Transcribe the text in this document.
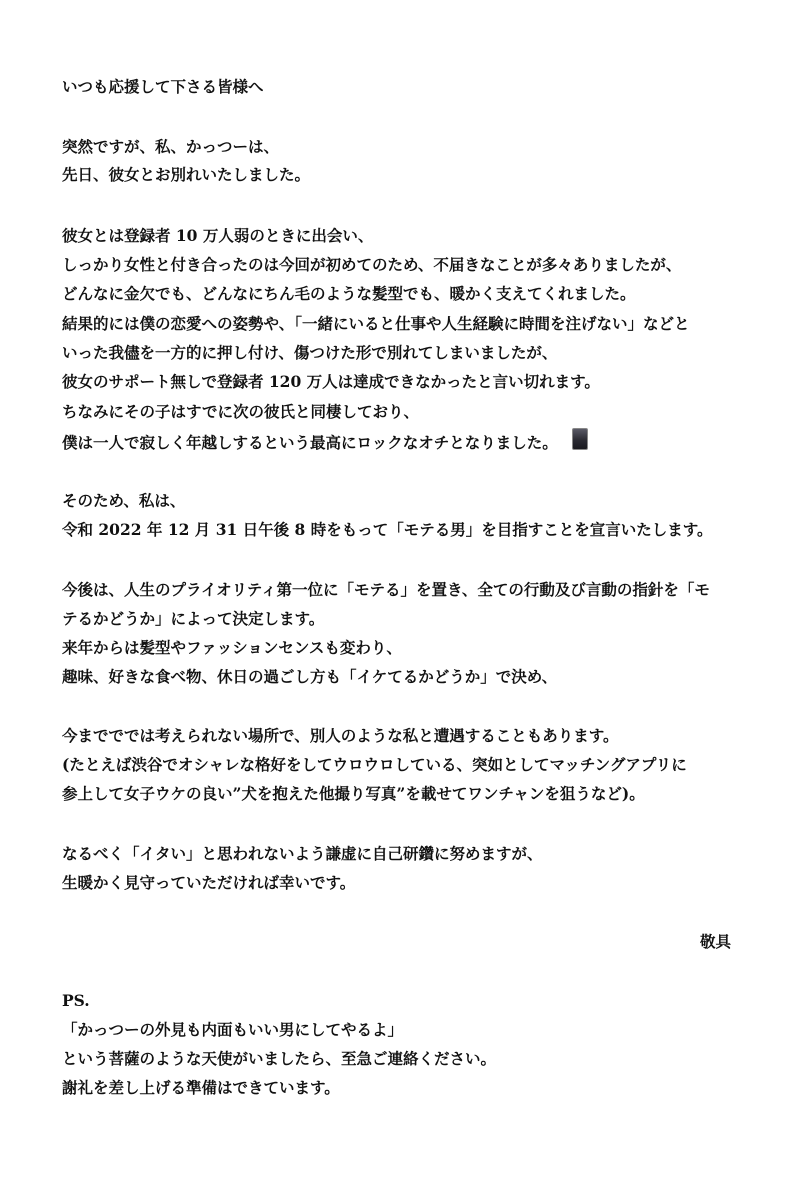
いつも応援して下さる皆様へ
突然ですが、私、かっつーは、
先日、彼女とお別れいたしました。
彼女とは登録者 10 万人弱のときに出会い、
しっかり女性と付き合ったのは今回が初めてのため、不届きなことが多々ありましたが、
どんなに金欠でも、どんなにちん毛のような髪型でも、暖かく支えてくれました。
結果的には僕の恋愛への姿勢や、「一緒にいると仕事や人生経験に時間を注げない」などと
いった我儘を一方的に押し付け、傷つけた形で別れてしまいましたが、
彼女のサポート無しで登録者 120 万人は達成できなかったと言い切れます。
ちなみにその子はすでに次の彼氏と同棲しており、
僕は一人で寂しく年越しするという最高にロックなオチとなりました。
そのため、私は、
令和 2022 年 12 月 31 日午後 8 時をもって「モテる男」を目指すことを宣言いたします。
今後は、人生のプライオリティ第一位に「モテる」を置き、全ての行動及び言動の指針を「モ
テるかどうか」によって決定します。
来年からは髪型やファッションセンスも変わり、
趣味、好きな食べ物、休日の過ごし方も「イケてるかどうか」で決め、
今までででは考えられない場所で、別人のような私と遭遇することもあります。
(たとえば渋谷でオシャレな格好をしてウロウロしている、突如としてマッチングアプリに
参上して女子ウケの良い”犬を抱えた他撮り写真”を載せてワンチャンを狙うなど)。
なるべく「イタい」と思われないよう謙虚に自己研鑽に努めますが、
生暖かく見守っていただければ幸いです。
敬具
PS.
「かっつーの外見も内面もいい男にしてやるよ」
という菩薩のような天使がいましたら、至急ご連絡ください。
謝礼を差し上げる準備はできています。
